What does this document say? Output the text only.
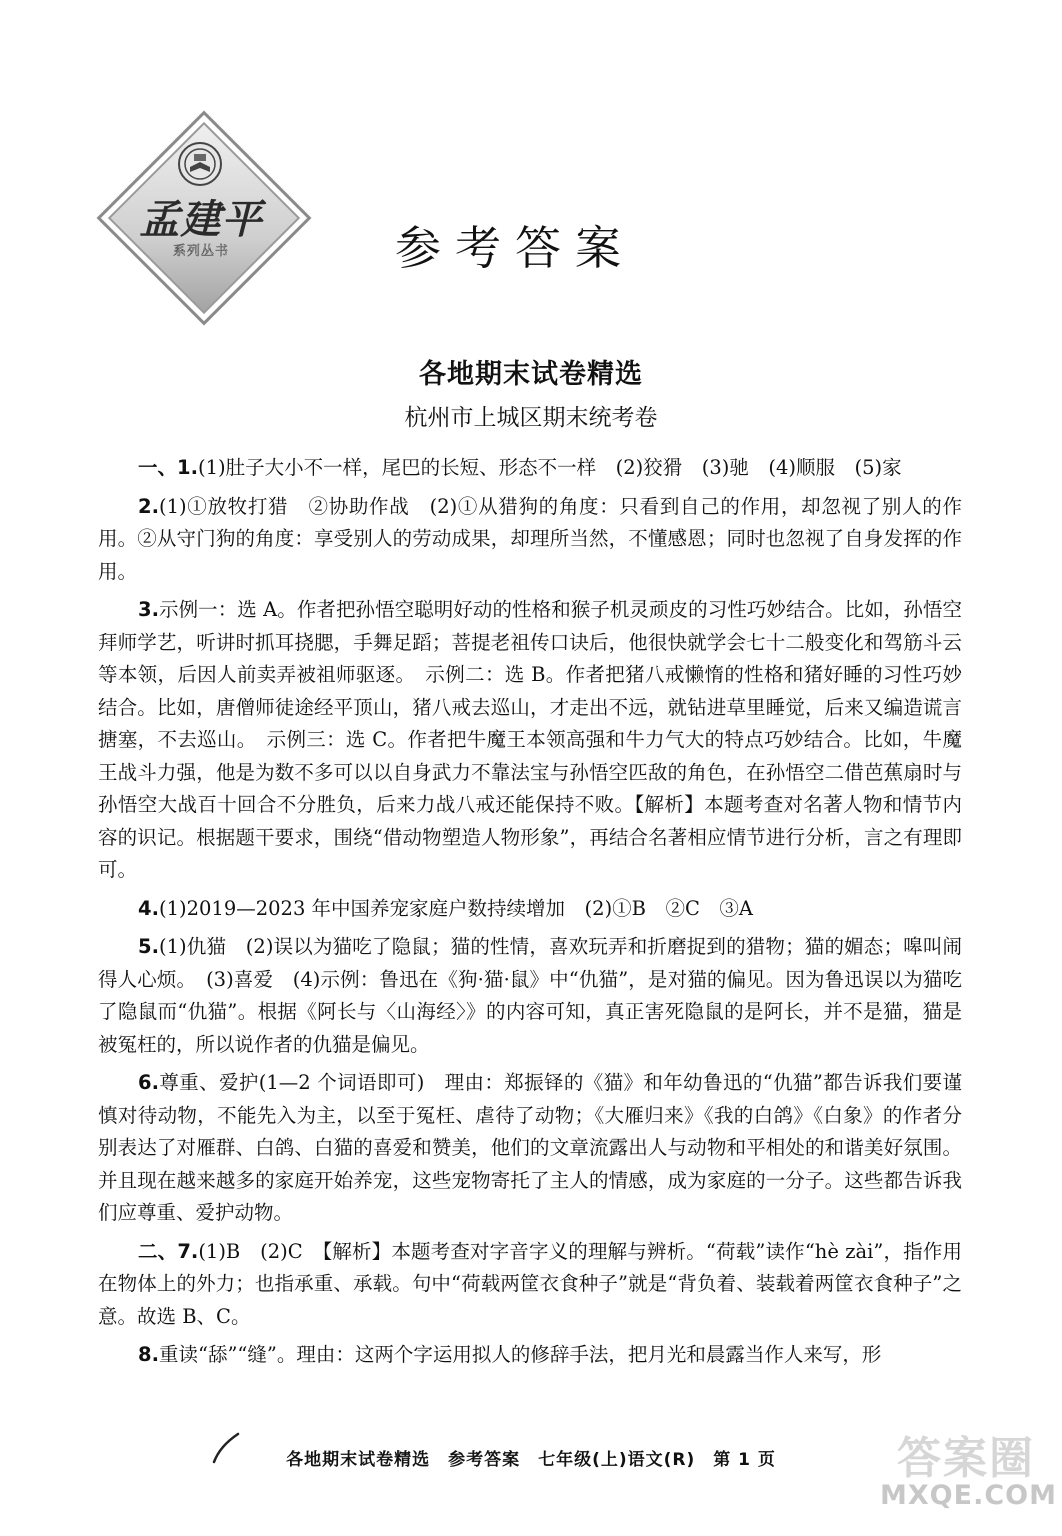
孟建平
系列丛书	参考答案
各地期末试卷精选
杭州市上城区期末统考卷

一、1.(1)肚子大小不一样，尾巴的长短、形态不一样　(2)狡猾　(3)驰　(4)顺服　(5)家

2.(1)①放牧打猎　②协助作战　(2)①从猎狗的角度：只看到自己的作用，却忽视了别人的作用。②从守门狗的角度：享受别人的劳动成果，却理所当然，不懂感恩；同时也忽视了自身发挥的作用。

3.示例一：选 A。作者把孙悟空聪明好动的性格和猴子机灵顽皮的习性巧妙结合。比如，孙悟空拜师学艺，听讲时抓耳挠腮，手舞足蹈；菩提老祖传口诀后，他很快就学会七十二般变化和驾筋斗云等本领，后因人前卖弄被祖师驱逐。　示例二：选 B。作者把猪八戒懒惰的性格和猪好睡的习性巧妙结合。比如，唐僧师徒途经平顶山，猪八戒去巡山，才走出不远，就钻进草里睡觉，后来又编造谎言搪塞，不去巡山。　示例三：选 C。作者把牛魔王本领高强和牛力气大的特点巧妙结合。比如，牛魔王战斗力强，他是为数不多可以以自身武力不靠法宝与孙悟空匹敌的角色，在孙悟空二借芭蕉扇时与孙悟空大战百十回合不分胜负，后来力战八戒还能保持不败。【解析】本题考查对名著人物和情节内容的识记。根据题干要求，围绕“借动物塑造人物形象”，再结合名著相应情节进行分析，言之有理即可。

4.(1)2019—2023 年中国养宠家庭户数持续增加　(2)①B　②C　③A

5.(1)仇猫　(2)误以为猫吃了隐鼠；猫的性情，喜欢玩弄和折磨捉到的猎物；猫的媚态；嗥叫闹得人心烦。　(3)喜爱　(4)示例：鲁迅在《狗·猫·鼠》中“仇猫”，是对猫的偏见。因为鲁迅误以为猫吃了隐鼠而“仇猫”。根据《阿长与〈山海经〉》的内容可知，真正害死隐鼠的是阿长，并不是猫，猫是被冤枉的，所以说作者的仇猫是偏见。

6.尊重、爱护(1—2 个词语即可)　理由：郑振铎的《猫》和年幼鲁迅的“仇猫”都告诉我们要谨慎对待动物，不能先入为主，以至于冤枉、虐待了动物；《大雁归来》《我的白鸽》《白象》的作者分别表达了对雁群、白鸽、白猫的喜爱和赞美，他们的文章流露出人与动物和平相处的和谐美好氛围。并且现在越来越多的家庭开始养宠，这些宠物寄托了主人的情感，成为家庭的一分子。这些都告诉我们应尊重、爱护动物。

二、7.(1)B　(2)C　【解析】本题考查对字音字义的理解与辨析。“荷载”读作“hè zài”，指作用在物体上的外力；也指承重、承载。句中“荷载两筐衣食种子”就是“背负着、装载着两筐衣食种子”之意。故选 B、C。

8.重读“舔”“缝”。理由：这两个字运用拟人的修辞手法，把月光和晨露当作人来写，形

各地期末试卷精选　参考答案　七年级(上)语文(R)　第 1 页	答案圈
MXQE.COM
